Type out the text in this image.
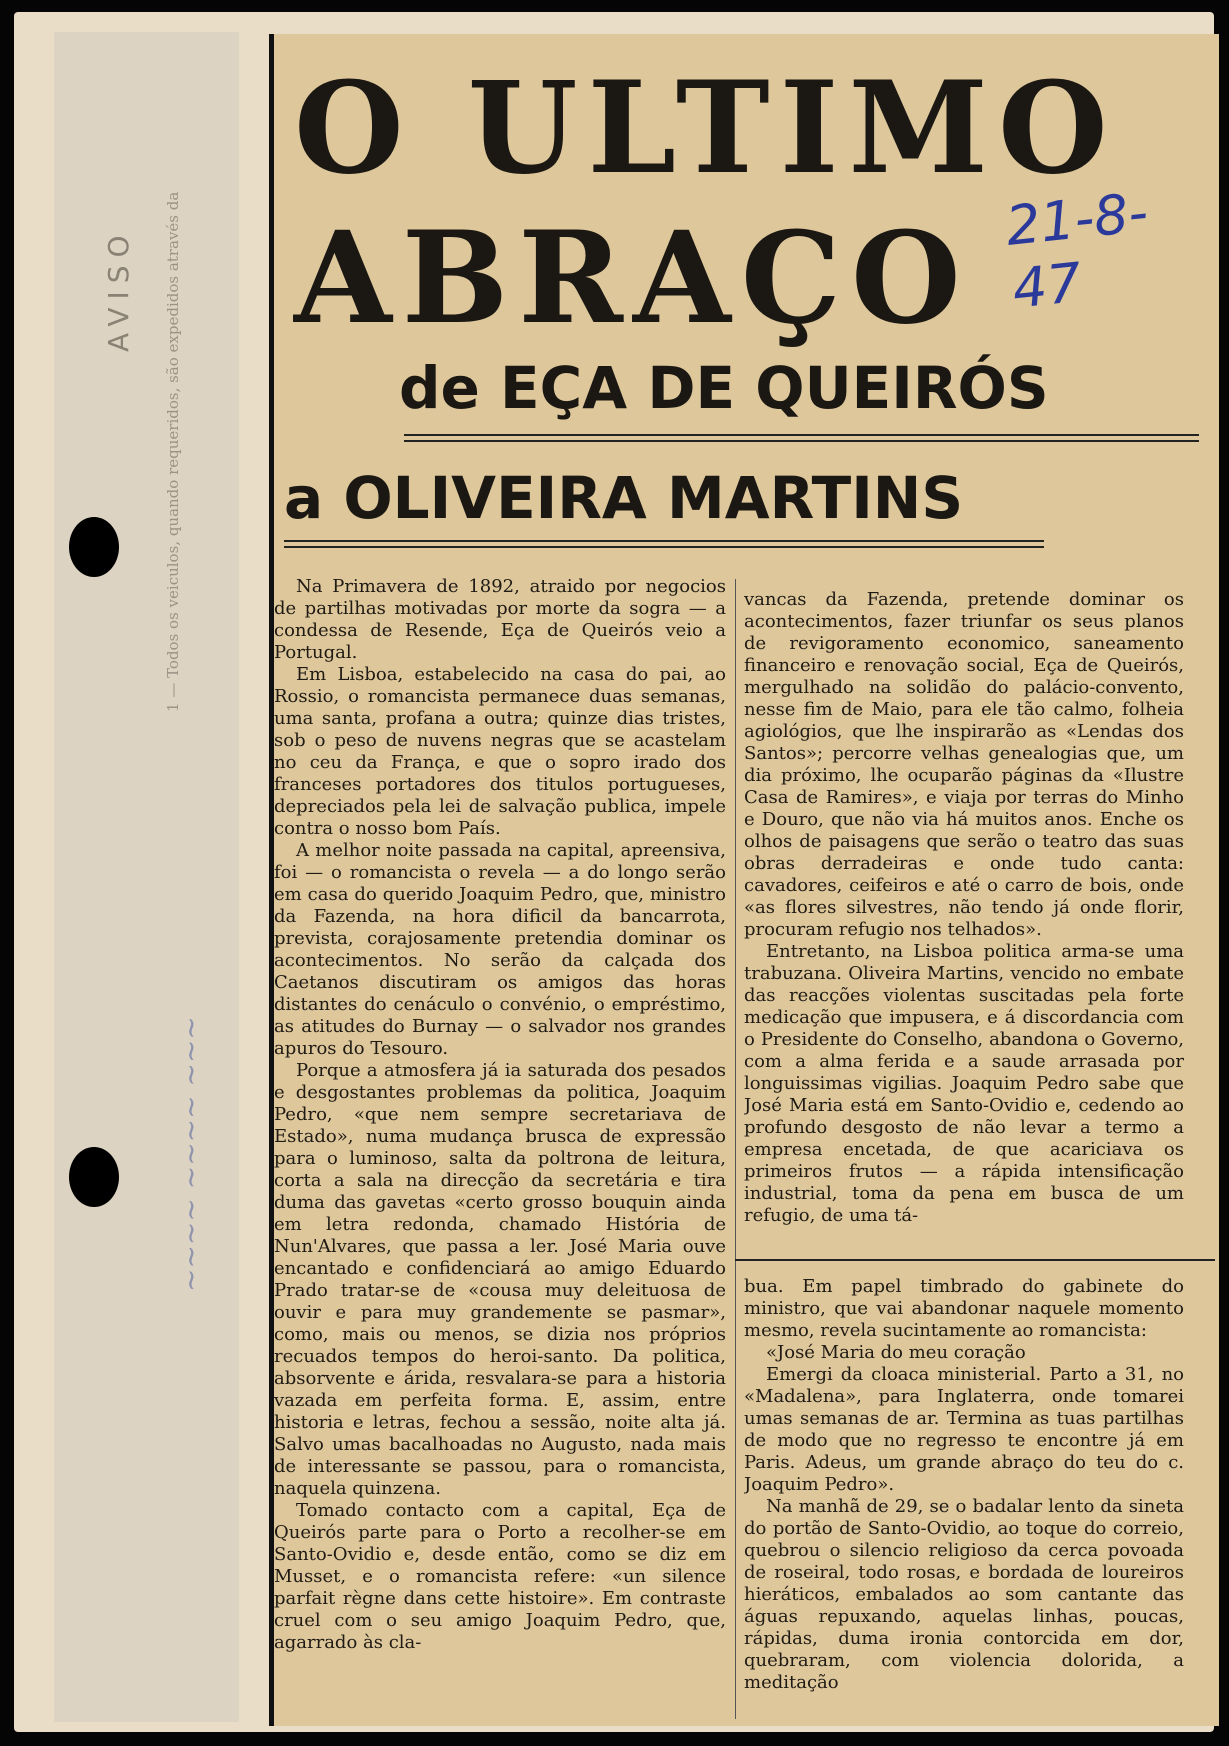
AVISO 1 — Todos os veiculos, quando requeridos, são expedidos através da
~~~~ ~~~~ ~~~
O ULTIMO
ABRAÇO 21-8-47
de EÇA DE QUEIRÓS
a OLIVEIRA MARTINS

Na Primavera de 1892, atraido por negocios de partilhas motivadas por morte da sogra — a condessa de Resende, Eça de Queirós veio a Portugal.

Em Lisboa, estabelecido na casa do pai, ao Rossio, o romancista permanece duas semanas, uma santa, profana a outra; quinze dias tristes, sob o peso de nuvens negras que se acastelam no ceu da França, e que o sopro irado dos franceses portadores dos titulos portugueses, depreciados pela lei de salvação publica, impele contra o nosso bom País.

A melhor noite passada na capital, apreensiva, foi — o romancista o revela — a do longo serão em casa do querido Joaquim Pedro, que, ministro da Fazenda, na hora dificil da bancarrota, prevista, corajosamente pretendia dominar os acontecimentos. No serão da calçada dos Caetanos discutiram os amigos das horas distantes do cenáculo o convénio, o empréstimo, as atitudes do Burnay — o salvador nos grandes apuros do Tesouro.

Porque a atmosfera já ia saturada dos pesados e desgostantes problemas da politica, Joaquim Pedro, «que nem sempre secretariava de Estado», numa mudança brusca de expressão para o luminoso, salta da poltrona de leitura, corta a sala na direcção da secretária e tira duma das gavetas «certo grosso bouquin ainda em letra redonda, chamado História de Nun'Alvares, que passa a ler. José Maria ouve encantado e confidenciará ao amigo Eduardo Prado tratar-se de «cousa muy deleituosa de ouvir e para muy grandemente se pasmar», como, mais ou menos, se dizia nos próprios recuados tempos do heroi-santo. Da politica, absorvente e árida, resvalara-se para a historia vazada em perfeita forma. E, assim, entre historia e letras, fechou a sessão, noite alta já. Salvo umas bacalhoadas no Augusto, nada mais de interessante se passou, para o romancista, naquela quinzena.

Tomado contacto com a capital, Eça de Queirós parte para o Porto a recolher-se em Santo-Ovidio e, desde então, como se diz em Musset, e o romancista refere: «un silence parfait règne dans cette histoire». Em contraste cruel com o seu amigo Joaquim Pedro, que, agarrado às cla-

vancas da Fazenda, pretende dominar os acontecimentos, fazer triunfar os seus planos de revigoramento economico, saneamento financeiro e renovação social, Eça de Queirós, mergulhado na solidão do palácio-convento, nesse fim de Maio, para ele tão calmo, folheia agiológios, que lhe inspirarão as «Lendas dos Santos»; percorre velhas genealogias que, um dia próximo, lhe ocuparão páginas da «Ilustre Casa de Ramires», e viaja por terras do Minho e Douro, que não via há muitos anos. Enche os olhos de paisagens que serão o teatro das suas obras derradeiras e onde tudo canta: cavadores, ceifeiros e até o carro de bois, onde «as flores silvestres, não tendo já onde florir, procuram refugio nos telhados».

Entretanto, na Lisboa politica arma-se uma trabuzana. Oliveira Martins, vencido no embate das reacções violentas suscitadas pela forte medicação que impusera, e á discordancia com o Presidente do Conselho, abandona o Governo, com a alma ferida e a saude arrasada por longuissimas vigilias. Joaquim Pedro sabe que José Maria está em Santo-Ovidio e, cedendo ao profundo desgosto de não levar a termo a empresa encetada, de que acariciava os primeiros frutos — a rápida intensificação industrial, toma da pena em busca de um refugio, de uma tá-

bua. Em papel timbrado do gabinete do ministro, que vai abandonar naquele momento mesmo, revela sucintamente ao romancista:

«José Maria do meu coração

Emergi da cloaca ministerial. Parto a 31, no «Madalena», para Inglaterra, onde tomarei umas semanas de ar. Termina as tuas partilhas de modo que no regresso te encontre já em Paris. Adeus, um grande abraço do teu do c. Joaquim Pedro».

Na manhã de 29, se o badalar lento da sineta do portão de Santo-Ovidio, ao toque do correio, quebrou o silencio religioso da cerca povoada de roseiral, todo rosas, e bordada de loureiros hieráticos, embalados ao som cantante das águas repuxando, aquelas linhas, poucas, rápidas, duma ironia contorcida em dor, quebraram, com violencia dolorida, a meditação
